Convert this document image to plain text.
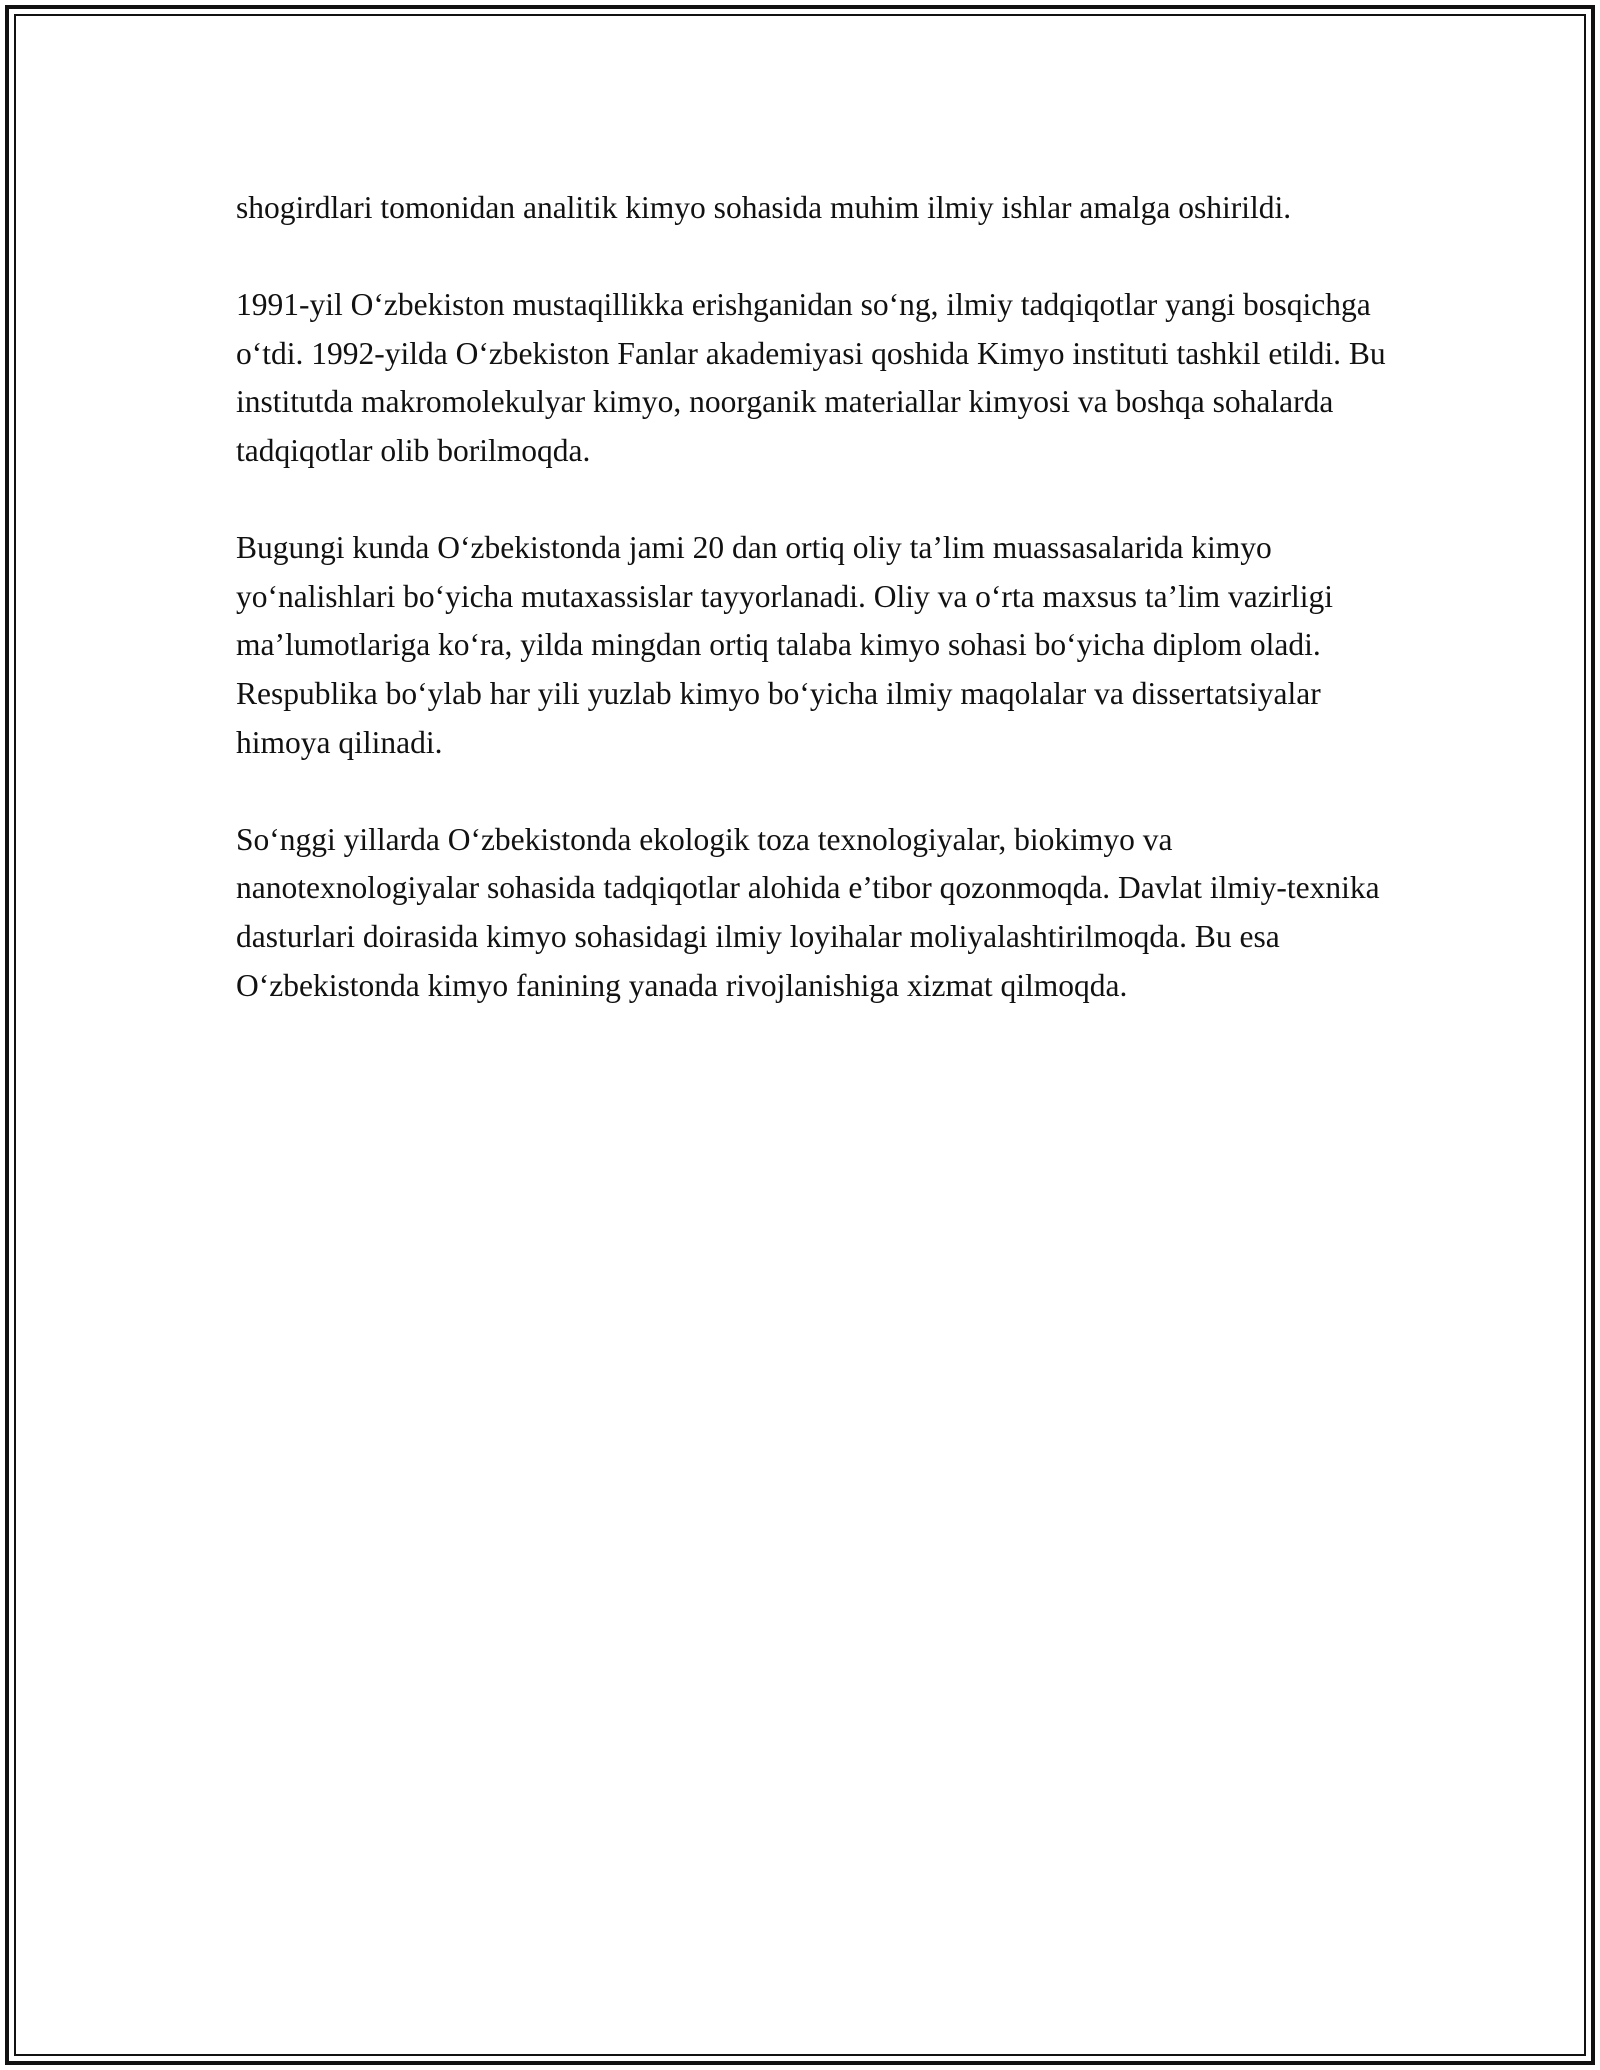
shogirdlari tomonidan analitik kimyo sohasida muhim ilmiy ishlar amalga oshirildi.

1991-yil O‘zbekiston mustaqillikka erishganidan so‘ng, ilmiy tadqiqotlar yangi bosqichga o‘tdi. 1992-yilda O‘zbekiston Fanlar akademiyasi qoshida Kimyo instituti tashkil etildi. Bu institutda makromolekulyar kimyo, noorganik materiallar kimyosi va boshqa sohalarda tadqiqotlar olib borilmoqda.

Bugungi kunda O‘zbekistonda jami 20 dan ortiq oliy ta’lim muassasalarida kimyo yo‘nalishlari bo‘yicha mutaxassislar tayyorlanadi. Oliy va o‘rta maxsus ta’lim vazirligi ma’lumotlariga ko‘ra, yilda mingdan ortiq talaba kimyo sohasi bo‘yicha diplom oladi. Respublika bo‘ylab har yili yuzlab kimyo bo‘yicha ilmiy maqolalar va dissertatsiyalar himoya qilinadi.

So‘nggi yillarda O‘zbekistonda ekologik toza texnologiyalar, biokimyo va nanotexnologiyalar sohasida tadqiqotlar alohida e’tibor qozonmoqda. Davlat ilmiy-texnika dasturlari doirasida kimyo sohasidagi ilmiy loyihalar moliyalashtirilmoqda. Bu esa O‘zbekistonda kimyo fanining yanada rivojlanishiga xizmat qilmoqda.
